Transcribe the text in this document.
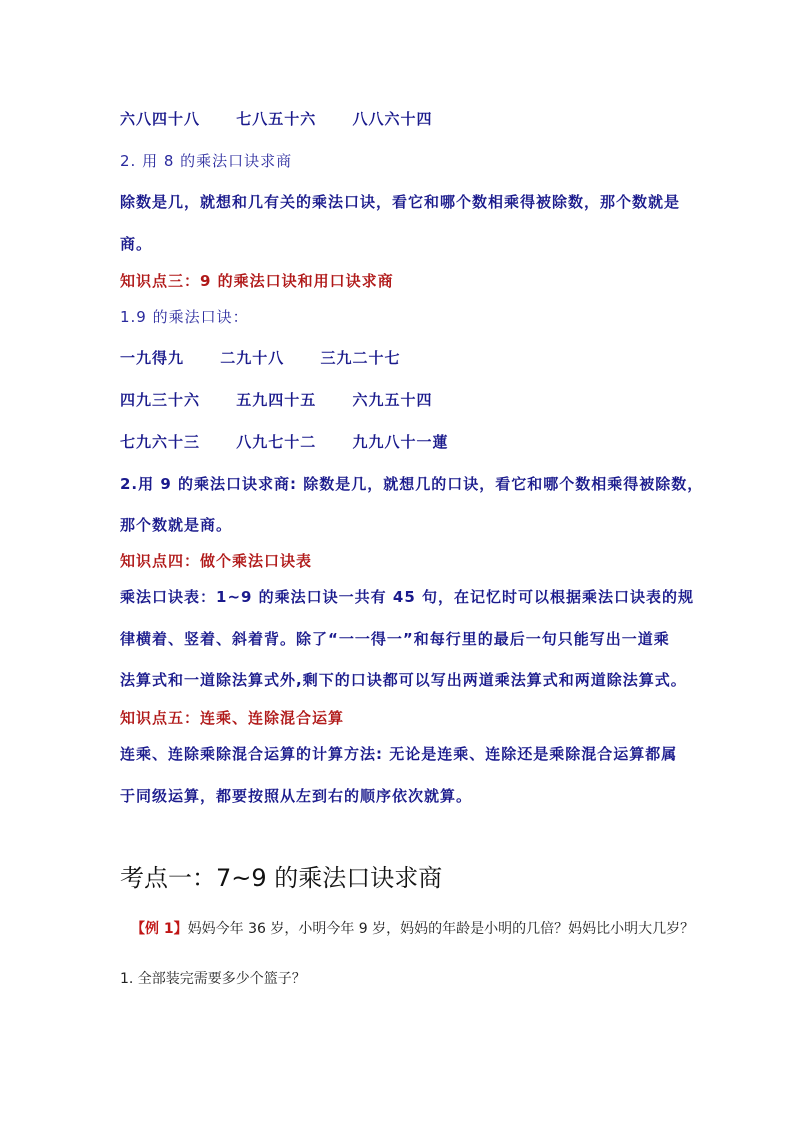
六八四十八 七八五十六 八八六十四
2. 用 8 的乘法口诀求商
除数是几，就想和几有关的乘法口诀，看它和哪个数相乘得被除数，那个数就是
商。
知识点三：9 的乘法口诀和用口诀求商
1.9 的乘法口诀：
一九得九 二九十八 三九二十七
四九三十六 五九四十五 六九五十四
七九六十三 八九七十二 九九八十一蓮
2.用 9 的乘法口诀求商: 除数是几，就想几的口诀，看它和哪个数相乘得被除数，
那个数就是商。
知识点四：做个乘法口诀表
乘法口诀表：1~9 的乘法口诀一共有 45 句，在记忆时可以根据乘法口诀表的规
律横着、竖着、斜着背。除了“一一得一”和每行里的最后一句只能写出一道乘
法算式和一道除法算式外,剩下的口诀都可以写出两道乘法算式和两道除法算式。
知识点五：连乘、连除混合运算
连乘、连除乘除混合运算的计算方法: 无论是连乘、连除还是乘除混合运算都属
于同级运算，都要按照从左到右的顺序依次就算。
考点一：7~9 的乘法口诀求商
【例 1】妈妈今年 36 岁，小明今年 9 岁，妈妈的年龄是小明的几倍？妈妈比小明大几岁？
1. 全部装完需要多少个篮子？
